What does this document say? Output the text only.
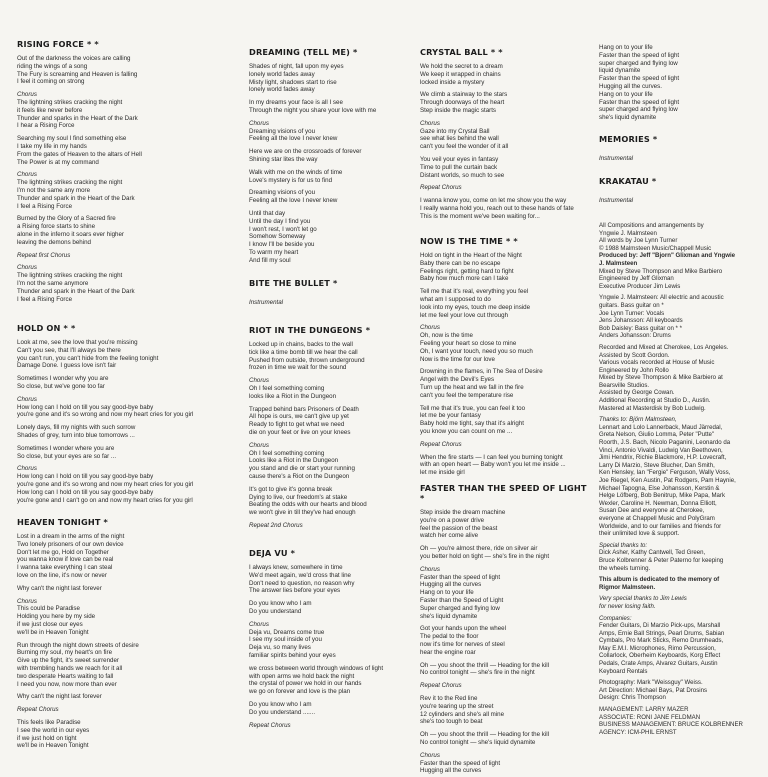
RISING FORCE * *
Out of the darkness the voices are calling
riding the wings of a song
The Fury is screaming and Heaven is falling
I feel it coming on strong
Chorus
The lightning strikes cracking the night
it feels like never before
Thunder and sparks in the Heart of the Dark
I hear a Rising Force
Searching my soul I find something else
I take my life in my hands
From the gates of Heaven to the altars of Hell
The Power is at my command
Chorus
The lightning strikes cracking the night
I'm not the same any more
Thunder and spark in the Heart of the Dark
I feel a Rising Force
Burned by the Glory of a Sacred fire
a Rising force starts to shine
alone in the inferno it soars ever higher
leaving the demons behind
Repeat first Chorus
Chorus
The lightning strikes cracking the night
I'm not the same anymore
Thunder and spark in the Heart of the Dark
I feel a Rising Force
HOLD ON * *
Look at me, see the love that you're missing
Can't you see, that I'll always be there
you can't run, you can't hide from the feeling tonight
Damage Done. I guess love isn't fair
Sometimes I wonder why you are
So close, but we've gone too far
Chorus
How long can I hold on till you say good-bye baby
you're gone and it's so wrong and now my heart cries for you girl
Lonely days, fill my nights with such sorrow
Shades of grey, turn into blue tomorrows ...
Sometimes I wonder where you are
So close, but your eyes are so far ...
Chorus
How long can I hold on till you say good-bye baby
you're gone and it's so wrong and now my heart cries for you girl
How long can I hold on till you say good-bye baby
you're gone and I can't go on and now my heart cries for you girl
HEAVEN TONIGHT *
Lost in a dream in the arms of the night
Two lonely prisoners of our own device
Don't let me go, Hold on Together
you wanna know if love can be real
I wanna take everything I can steal
love on the line, it's now or never
Why can't the night last forever
Chorus
This could be Paradise
Holding you here by my side
if we just close our eyes
we'll be in Heaven Tonight
Run through the night down streets of desire
Burning my soul, my heart's on fire
Give up the fight, it's sweet surrender
with trembling hands we reach for it all
two desperate Hearts waiting to fall
I need you now, now more than ever
Why can't the night last forever
Repeat Chorus
This feels like Paradise
I see the world in our eyes
if we just hold on tight
we'll be in Heaven Tonight
DREAMING (TELL ME) *
Shades of night, fall upon my eyes
lonely world fades away
Misty light, shadows start to rise
lonely world fades away
In my dreams your face is all I see
Through the night you share your love with me
Chorus
Dreaming visions of you
Feeling all the love I never knew
Here we are on the crossroads of forever
Shining star lites the way
Walk with me on the winds of time
Love's mystery is for us to find
Dreaming visions of you
Feeling all the love I never knew
Until that day
Until the day I find you
I won't rest, I won't let go
Somehow Someway
I know I'll be beside you
To warm my heart
And fill my soul
BITE THE BULLET *
Instrumental
RIOT IN THE DUNGEONS *
Locked up in chains, backs to the wall
tick like a time bomb till we hear the call
Pushed from outside, thrown underground
frozen in time we wait for the sound
Chorus
Oh I feel something coming
looks like a Riot in the Dungeon
Trapped behind bars Prisoners of Death
All hope is ours, we can't give up yet
Ready to fight to get what we need
die on your feet or live on your knees
Chorus
Oh I feel something coming
Looks like a Riot in the Dungeon
you stand and die or start your running
cause there's a Riot on the Dungeon
It's got to give it's gonna break
Dying to live, our freedom's at stake
Beating the odds with our hearts and blood
we won't give in till they've had enough
Repeat 2nd Chorus
DEJA VU *
I always knew, somewhere in time
We'd meet again, we'd cross that line
Don't need to question, no reason why
The answer lies before your eyes
Do you know who I am
Do you understand
Chorus
Deja vu, Dreams come true
I see my soul inside of you
Deja vu, so many lives
familiar spirits behind your eyes
we cross between world through windows of light
with open arms we hold back the night
the crystal of power we hold in our hands
we go on forever and love is the plan
Do you know who I am
Do you understand .......
Repeat Chorus
CRYSTAL BALL * *
We hold the secret to a dream
We keep it wrapped in chains
locked inside a mystery
We climb a stairway to the stars
Through doorways of the heart
Step inside the magic starts
Chorus
Gaze into my Crystal Ball
see what lies behind the wall
can't you feel the wonder of it all
You veil your eyes in fantasy
Time to pull the curtain back
Distant worlds, so much to see
Repeat Chorus
I wanna know you, come on let me show you the way
I really wanna hold you, reach out to these hands of fate
This is the moment we've been waiting for...
NOW IS THE TIME * *
Hold on tight in the Heart of the Night
Baby there can be no escape
Feelings right, getting hard to fight
Baby how much more can I take
Tell me that it's real, everything you feel
what am I supposed to do
look into my eyes, touch me deep inside
let me feel your love cut through
Chorus
Oh, now is the time
Feeling your heart so close to mine
Oh, I want your touch, need you so much
Now is the time for our love
Drowning in the flames, in The Sea of Desire
Angel with the Devil's Eyes
Turn up the heat and we fall in the fire
can't you feel the temperature rise
Tell me that it's true, you can feel it too
let me be your fantasy
Baby hold me tight, say that it's alright
you know you can count on me ...
Repeat Chorus
When the fire starts — I can feel you burning tonight
with an open heart — Baby won't you let me inside ...
let me inside girl
FASTER THAN THE SPEED OF LIGHT *
Step inside the dream machine
you're on a power drive
feel the passion of the beast
watch her come alive
Oh — you're almost there, ride on silver air
you better hold on tight — she's fire in the night
Chorus
Faster than the speed of light
Hugging all the curves
Hang on to your life
Faster than the Speed of Light
Super charged and flying low
she's liquid dynamite
Got your hands upon the wheel
The pedal to the floor
now it's time for nerves of steel
hear the engine roar
Oh — you shoot the thrill — Heading for the kill
No control tonight — she's fire in the night
Repeat Chorus
Rev it to the Red line
you're tearing up the street
12 cylinders and she's all mine
she's too tough to beat
Oh — you shoot the thrill — Heading for the kill
No control tonight — she's liquid dynamite
Chorus
Faster than the speed of light
Hugging all the curves
Hang on to your life
Faster than the speed of light
super charged and flying low
liquid dynamite
Faster than the speed of light
Hugging all the curves.
Hang on to your life
Faster than the speed of light
super charged and flying low
she's liquid dynamite
MEMORIES *
Instrumental
KRAKATAU *
Instrumental
All Compositions and arrangements by
Yngwie J. Malmsteen
All words by Joe Lynn Turner
© 1988 Malmsteen Music/Chappell Music
Produced by: Jeff "Bjorn" Glixman and Yngwie
J. Malmsteen
Mixed by Steve Thompson and Mike Barbiero
Engineered by Jeff Glixman
Executive Producer Jim Lewis
Yngwie J. Malmsteen: All electric and acoustic
guitars. Bass guitar on *
Joe Lynn Turner: Vocals
Jens Johansson: All keyboards
Bob Daisley: Bass guitar on * *
Anders Johansson: Drums
Recorded and Mixed at Cherokee, Los Angeles.
Assisted by Scott Gordon.
Various vocals recorded at House of Music
Engineered by John Rollo
Mixed by Steve Thompson & Mike Barbiero at
Bearsville Studios.
Assisted by George Cowan.
Additional Recording at Studio D., Austin.
Mastered at Masterdisk by Bob Ludwig.
Thanks to: Björn Malmsteen,
Lennart and Lolo Lannerback, Maud Järredal,
Greta Nelson, Giulio Lomma, Peter "Putte"
Roorth, J.S. Bach, Nicolo Paganini, Leonardo da
Vinci, Antonio Vivaldi, Ludwig Van Beethoven,
Jimi Hendrix, Richie Blackmore, H.P. Lovecraft,
Larry Di Marzio, Steve Blucher, Dan Smith,
Ken Hensley, Ian "Fergie" Ferguson, Wally Voss,
Joe Riegel, Ken Austin, Pat Rodgers, Pam Haynie,
Michael Tapogna, Else Johansson, Kerstin &
Helge Löfberg, Bob Benitrup, Mike Papa, Mark
Wexler, Caroline H. Newman, Donna Elliott,
Susan Dee and everyone at Cherokee,
everyone at Chappell Music and PolyGram
Worldwide, and to our families and friends for
their unlimited love & support.
Special thanks to:
Dick Asher, Kathy Cantwell, Ted Green,
Bruce Kolbrenner & Peter Paterno for keeping
the wheels turning.
This album is dedicated to the memory of
Rigmor Malmsteen.
Very special thanks to Jim Lewis
for never losing faith.
Companies:
Fender Guitars, Di Marzio Pick-ups, Marshall
Amps, Ernie Ball Strings, Pearl Drums, Sabian
Cymbals, Pro Mark Sticks, Remo Drumheads,
May E.M.I. Microphones, Rimo Percussion,
Collarlock, Oberheim Keyboards, Korg Effect
Pedals, Crate Amps, Alvarez Guitars, Austin
Keyboard Rentals
Photography: Mark "Weissguy" Weiss.
Art Direction: Michael Bays, Pat Drosins
Design: Chris Thompson
MANAGEMENT: LARRY MAZER
ASSOCIATE: RONI JANE FELDMAN
BUSINESS MANAGEMENT: BRUCE KOLBRENNER
AGENCY: ICM-PHIL ERNST
